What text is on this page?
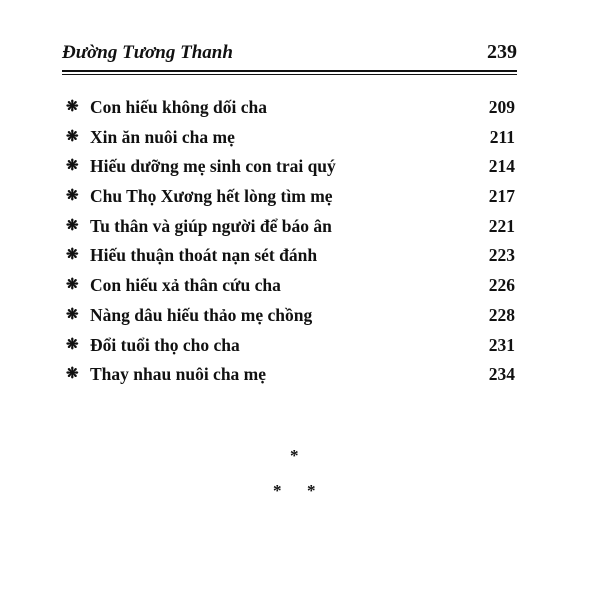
Đường Tương Thanh	239
❋ Con hiếu không dối cha	209
❋ Xin ăn nuôi cha mẹ	211
❋ Hiếu dưỡng mẹ sinh con trai quý	214
❋ Chu Thọ Xương hết lòng tìm mẹ	217
❋ Tu thân và giúp người để báo ân	221
❋ Hiếu thuận thoát nạn sét đánh	223
❋ Con hiếu xả thân cứu cha	226
❋ Nàng dâu hiếu thảo mẹ chồng	228
❋ Đổi tuổi thọ cho cha	231
❋ Thay nhau nuôi cha mẹ	234
*
* *
